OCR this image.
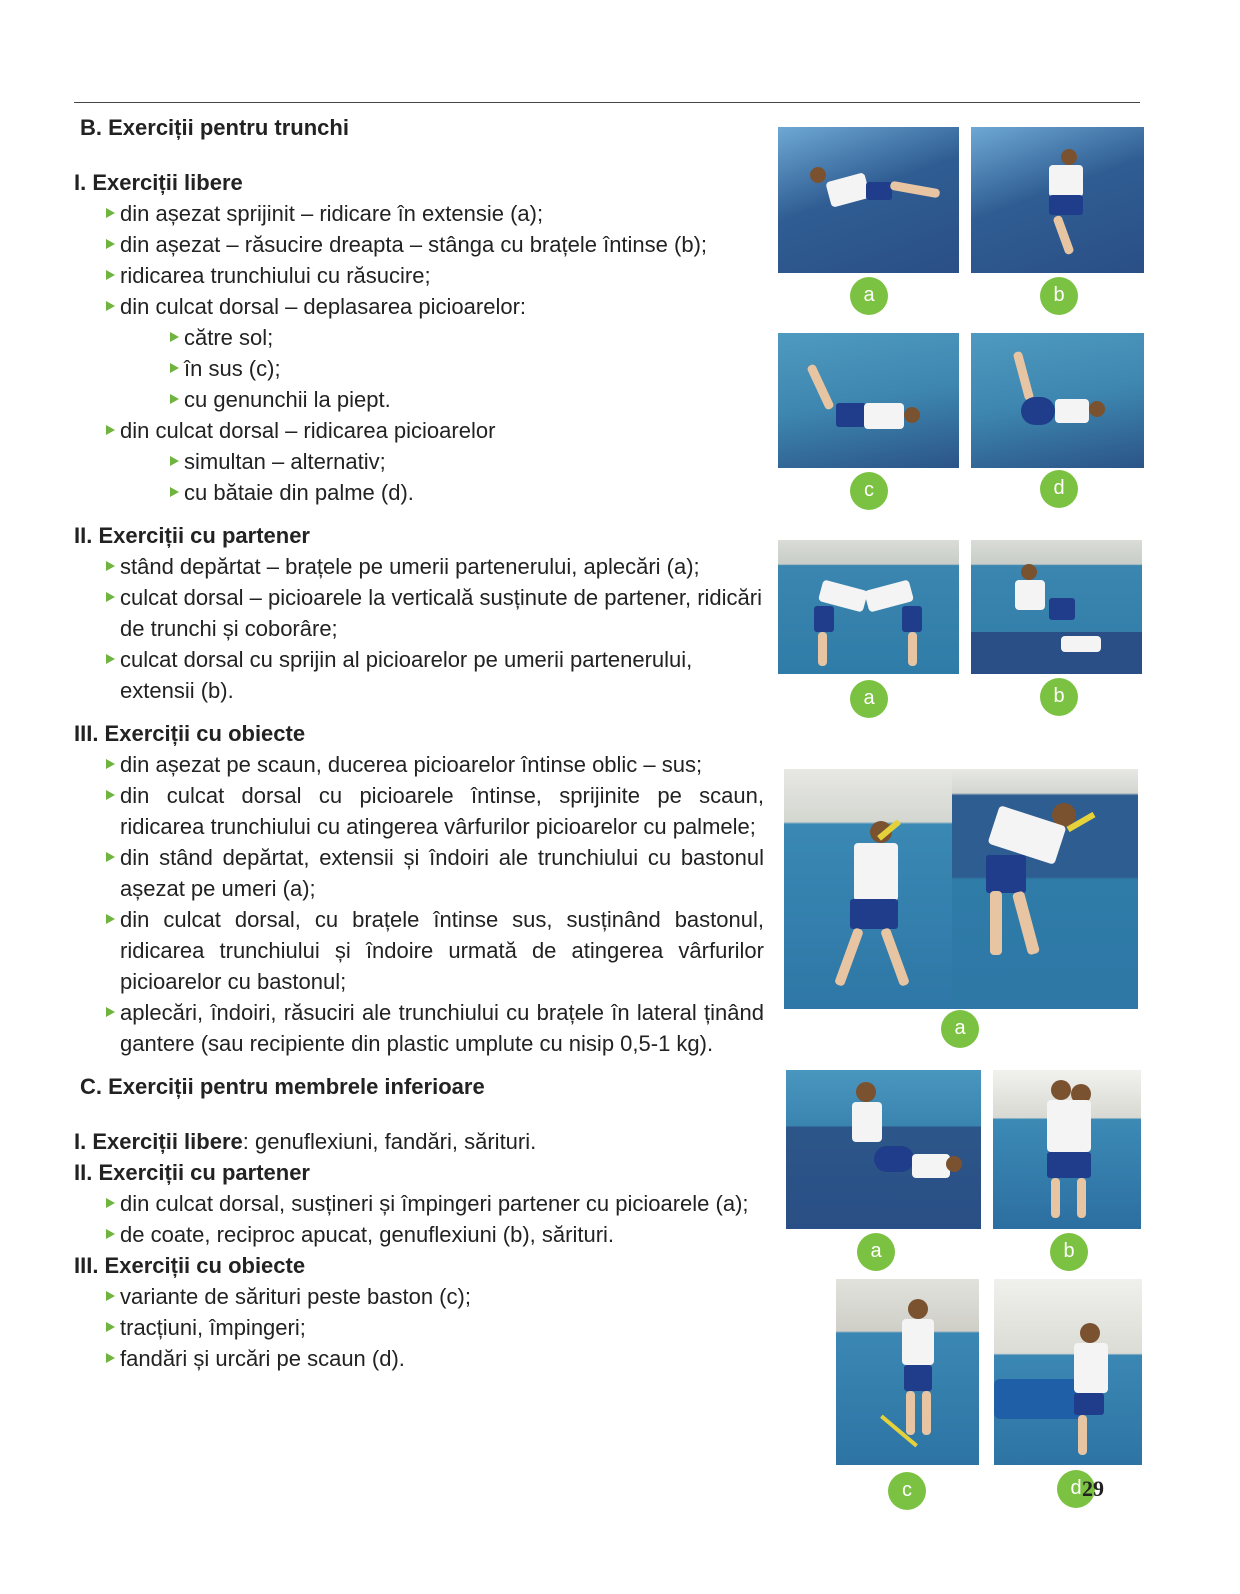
B. Exerciții pentru trunchi
I. Exerciții libere
din așezat sprijinit – ridicare în extensie (a);
din așezat – răsucire dreapta – stânga cu brațele întinse (b);
ridicarea trunchiului cu răsucire;
din culcat dorsal – deplasarea picioarelor:
către sol;
în sus (c);
cu genunchii la piept.
din culcat dorsal – ridicarea picioarelor
simultan – alternativ;
cu bătaie din palme (d).
II. Exerciții cu partener
stând depărtat – brațele pe umerii partenerului, aplecări (a);
culcat dorsal – picioarele la verticală susținute de partener, ridicări de trunchi și coborâre;
culcat dorsal cu sprijin al picioarelor pe umerii partenerului, extensii (b).
III. Exerciții cu obiecte
din așezat pe scaun, ducerea picioarelor întinse oblic – sus;
din culcat dorsal cu picioarele întinse, sprijinite pe scaun, ridicarea trunchiului cu atingerea vârfurilor picioarelor cu palmele;
din stând depărtat, extensii și îndoiri ale trunchiului cu bastonul așezat pe umeri (a);
din culcat dorsal, cu brațele întinse sus, susținând bastonul, ridicarea trunchiului și îndoire urmată de atingerea vârfurilor picioarelor cu bastonul;
aplecări, îndoiri, răsuciri ale trunchiului cu brațele în lateral ținând gantere (sau recipiente din plastic umplute cu nisip 0,5-1 kg).
C. Exerciții pentru membrele inferioare
I. Exerciții libere: genuflexiuni, fandări, sărituri.
II. Exerciții cu partener
din culcat dorsal, susțineri și împingeri partener cu picioarele (a);
de coate, reciproc apucat, genuflexiuni (b), sărituri.
III. Exerciții cu obiecte
variante de sărituri peste baston (c);
tracțiuni, împingeri;
fandări și urcări pe scaun (d).
a	b
c	d
a	b
a
a	b
c	d 29
